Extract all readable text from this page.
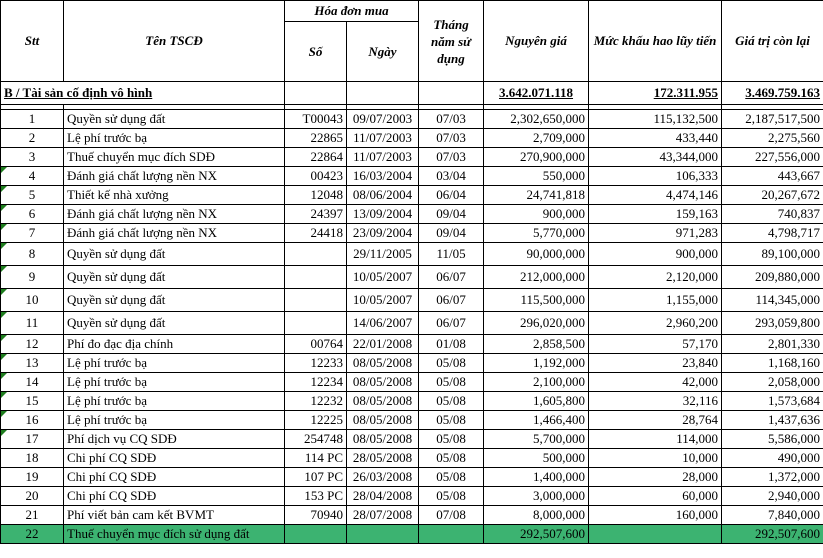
Stt	Tên TSCĐ	Hóa đơn mua		Tháng năm sử dụng	Nguyên giá	Mức khấu hao lũy tiến	Giá trị còn lại
		Số	Ngày				
B / Tài sản cố định vô hình					3.642.071.118	172.311.955	3.469.759.163

1	Quyền sử dụng đất	T00043	09/07/2003	07/03	2,302,650,000	115,132,500	2,187,517,500
2	Lệ phí trước bạ	22865	11/07/2003	07/03	2,709,000	433,440	2,275,560
3	Thuế chuyển mục đích SDĐ	22864	11/07/2003	07/03	270,900,000	43,344,000	227,556,000

4	Đánh giá chất lượng nền NX	00423	16/03/2004	03/04	550,000	106,333	443,667

5	Thiết kế nhà xưởng	12048	08/06/2004	06/04	24,741,818	4,474,146	20,267,672

6	Đánh giá chất lượng nền NX	24397	13/09/2004	09/04	900,000	159,163	740,837

7	Đánh giá chất lượng nền NX	24418	23/09/2004	09/04	5,770,000	971,283	4,798,717

8	Quyền sử dụng đất		29/11/2005	11/05	90,000,000	900,000	89,100,000

9	Quyền sử dụng đất		10/05/2007	06/07	212,000,000	2,120,000	209,880,000

10	Quyền sử dụng đất		10/05/2007	06/07	115,500,000	1,155,000	114,345,000

11	Quyền sử dụng đất		14/06/2007	06/07	296,020,000	2,960,200	293,059,800

12	Phí đo đạc địa chính	00764	22/01/2008	01/08	2,858,500	57,170	2,801,330

13	Lệ phí trước bạ	12233	08/05/2008	05/08	1,192,000	23,840	1,168,160

14	Lệ phí trước bạ	12234	08/05/2008	05/08	2,100,000	42,000	2,058,000

15	Lệ phí trước bạ	12232	08/05/2008	05/08	1,605,800	32,116	1,573,684

16	Lệ phí trước bạ	12225	08/05/2008	05/08	1,466,400	28,764	1,437,636

17	Phí dịch vụ CQ SDĐ	254748	08/05/2008	05/08	5,700,000	114,000	5,586,000
18	Chi phí CQ SDĐ	114 PC	28/05/2008	05/08	500,000	10,000	490,000
19	Chi phí CQ SDĐ	107 PC	26/03/2008	05/08	1,400,000	28,000	1,372,000
20	Chi phí CQ SDĐ	153 PC	28/04/2008	05/08	3,000,000	60,000	2,940,000
21	Phí viết bản cam kết BVMT	70940	28/07/2008	07/08	8,000,000	160,000	7,840,000
22	Thuế chuyển mục đích sử dụng đất				292,507,600		292,507,600
